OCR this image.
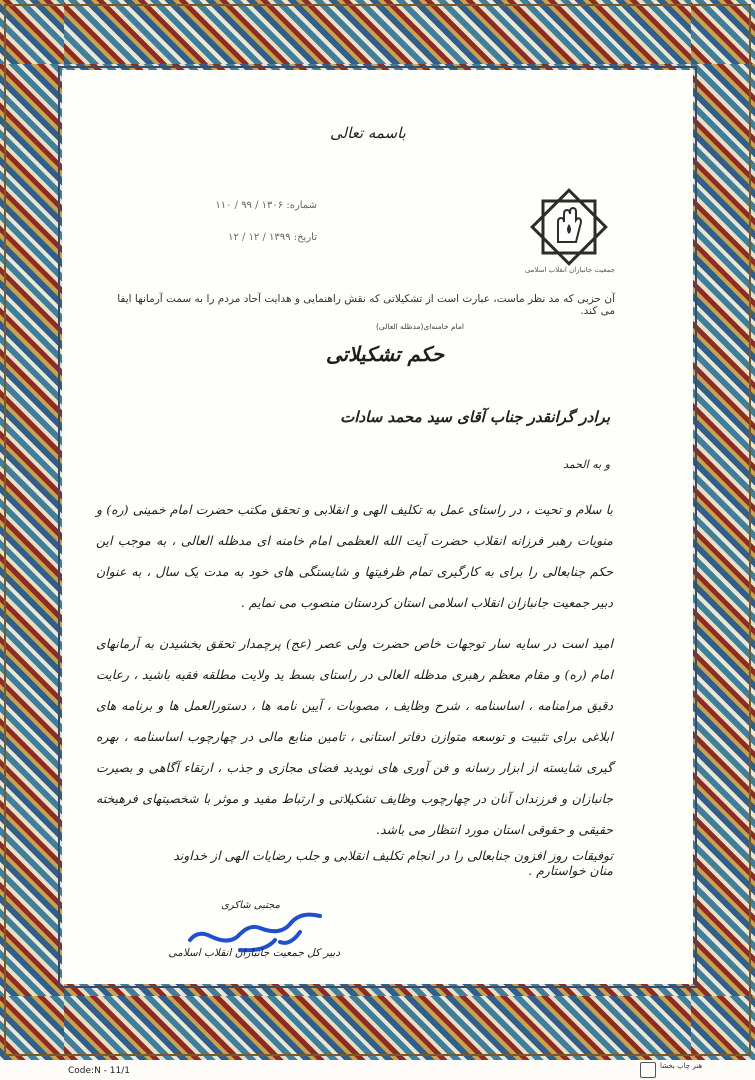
باسمه تعالی
شماره: ۱۳۰۶ / ۹۹ / ۱۱۰
تاریخ: ۱۳۹۹ / ۱۲ / ۱۲
جمعیت جانبازان انقلاب اسلامی
آن حزبی که مد نظر ماست، عبارت است از تشکیلاتی که نقش راهنمایی و هدایت آحاد مردم را به سمت آرمانها ایفا می کند.
امام خامنه‌ای(مدظله العالی)
حکم تشکیلاتی
برادر گرانقدر جناب آقای سید محمد سادات
و به الحمد
با سلام و تحیت ، در راستای عمل به تکلیف الهی و انقلابی و تحقق مکتب حضرت امام خمینی (ره) و منویات رهبر فرزانه انقلاب حضرت آیت الله العظمی امام خامنه ای مدظله العالی ، به موجب این حکم جنابعالی را برای به کارگیری تمام ظرفیتها و شایستگی های خود به مدت یک سال ، به عنوان دبیر جمعیت جانبازان انقلاب اسلامی استان کردستان منصوب می نمایم .
امید است در سایه سار توجهات خاص حضرت ولی عصر (عج) پرچمدار تحقق بخشیدن به آرمانهای امام (ره) و مقام معظم رهبری مدظله العالی در راستای بسط ید ولایت مطلقه فقیه باشید ، رعایت دقیق مرامنامه ، اساسنامه ، شرح وظایف ، مصوبات ، آیین نامه ها ، دستورالعمل ها و برنامه های ابلاغی برای تثبیت و توسعه متوازن دفاتر استانی ، تامین منابع مالی در چهارچوب اساسنامه ، بهره گیری شایسته از ابزار رسانه و فن آوری های نوپدید فضای مجازی و جذب ، ارتقاء آگاهی و بصیرت جانبازان و فرزندان آنان در چهارچوب وظایف تشکیلاتی و ارتباط مفید و موثر با شخصیتهای فرهیخته حقیقی و حقوقی استان مورد انتظار می باشد.
توفیقات روز افزون جنابعالی را در انجام تکلیف انقلابی و جلب رضایات الهی از خداوند منان خواستارم .
مجتبی شاکری
دبیر کل جمعیت جانبازان انقلاب اسلامی
Code:N - 11/1	هنر چاپ بخشا
